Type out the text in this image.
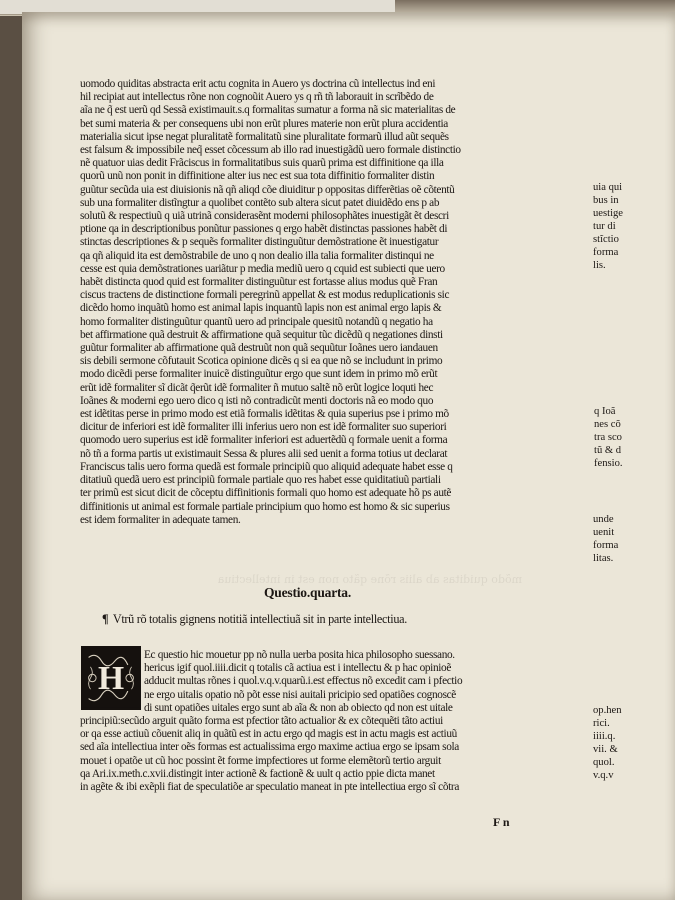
mõdo quiditas ab aliis rõne qãto non est in intellectiua
uomodo quiditas abstracta erit actu cognita in Auero ys doctrina cũ intellectus ind eni
hil recipiat aut intellectus rõne non cognoũit Auero ys q rñ tñ laborauit in scrĩbẽdo de
aĩa ne q̃ est uerũ qd Sessã existimauit.s.q formalitas sumatur a forma nã sic materialitas de
bet sumi materia & per consequens ubi non erũt plures materie non erũt plura accidentia
materialia sicut ipse negat pluralitatẽ formalitatũ sine pluralitate formarũ illud aũt sequẽs
est falsum & impossibile neq̃ esset cõcessum ab illo rad inuestigãdũ uero formale distinctio
nẽ quatuor uias dedit Frãciscus in formalitatibus suis quarũ prima est diffinitione qa illa
quorũ unũ non ponit in diffinitione alter ius nec est sua tota diffinitio formaliter distin
guũtur secũda uia est diuisionis nã qñ aliqd cõe diuiditur p oppositas differẽtias oẽ cõtentũ
sub una formaliter distĩngtur a quolibet contẽto sub altera sicut patet diuidẽdo ens p ab
solutũ & respectiuũ q uiã utrinã considerasẽnt moderni philosophãtes inuestigãt ẽt descri
ptione qa in descriptionibus ponũtur passiones q ergo habẽt distinctas passiones habẽt di
stinctas descriptiones & p sequẽs formaliter distinguũtur demõstratione ẽt inuestigatur
qa qñ aliquid ita est demõstrabile de uno q non dealio illa talia formaliter distinqui ne
cesse est quia demõstrationes uariãtur p media mediũ uero q cquid est subiecti que uero
habẽt distincta quod quid est formaliter distinguũtur est fortasse alius modus quẽ Fran
ciscus tractens de distinctione formali peregrinũ appellat & est modus reduplicationis sic
dicẽdo homo inquãtũ homo est animal lapis inquantũ lapis non est animal ergo lapis &
homo formaliter distinguũtur quantũ uero ad principale quesitũ notandũ q negatio ha
bet affirmatione quã destruit & affirmatione quã sequitur tũc dicẽdũ q negationes dinsti
guũtur formaliter ab affirmatione quã destruũt non quã sequũtur Ioãnes uero iandauen
sis debili sermone cõfutauit Scotica opinione dicẽs q si ea que nõ se includunt in primo
modo dicẽdi perse formaliter inuicẽ distinguũtur ergo que sunt idem in primo mõ erũt
erũt idẽ formaliter sĩ dicãt q̃erũt idẽ formaliter ñ mutuo saltẽ nõ erũt logice loquti hec
Ioãnes & moderni ego uero dico q isti nõ contradicũt menti doctoris nã eo modo quo
est idẽtitas perse in primo modo est etiã formalis idẽtitas & quia superius pse i primo mõ
dicitur de inferiori est idẽ formaliter illi inferius uero non est idẽ formaliter suo superiori
quomodo uero superius est idẽ formaliter inferiori est aduertẽdũ q formale uenit a forma
nõ tñ a forma partis ut existimauit Sessa & plures alii sed uenit a forma totius ut declarat
Franciscus talis uero forma quedã est formale principiũ quo aliquid adequate habet esse q
ditatiuũ quedã uero est principiũ formale partiale quo res habet esse quiditatiuũ partiali
ter primũ est sicut dicit de cõceptu diffinitionis formali quo homo est adequate hõ ps autẽ
diffinitionis ut animal est formale partiale principium quo homo est homo & sic superius
est idem formaliter in adequate tamen.
uia qui
bus in
uestige
tur di
stĩctio
forma
lis.
q Ioã
nes cõ
tra sco
tũ & d
fensio.
unde
uenit
forma
litas.
op.hen
rici.
iiii.q.
vii. &
quol.
v.q.v
Questio.quarta.
¶ Vtrũ rõ totalis gignens notitiã intellectiuã sit in parte intellectiua.
H
Ec questio hic mouetur pp nõ nulla uerba posita hica philosopho suessano.
hericus igif quol.iiii.dicit q totalis cã actiua est i intellectu & p hac opinioẽ
adducit multas rõnes i quol.v.q.v.quarũ.i.est effectus nõ excedit cam i pfectio
ne ergo uitalis opatio nõ põt esse nisi auitali pricipio sed opatiões cognoscẽ
di sunt opatiões uitales ergo sunt ab aĩa & non ab obiecto qd non est uitale
principiũ:secũdo arguit quãto forma est pfectior tãto actualior & ex cõtequẽti tãto actiui
or qa esse actiuũ cõuenit aliq in quãtũ est in actu ergo qd magis est in actu magis est actiuũ
sed aĩa intellectiua inter oẽs formas est actualissima ergo maxime actiua ergo se ipsam sola
mouet i opatõe ut cũ hoc possint ẽt forme impfectiores ut forme elemẽtorũ tertio arguit
qa Ari.ix.meth.c.xvii.distingit inter actionẽ & factionẽ & uult q actio ppie dicta manet
in agẽte & ibi exẽpli fiat de speculatiõe ar speculatio maneat in pte intellectiua ergo sĩ cõtra
F n
